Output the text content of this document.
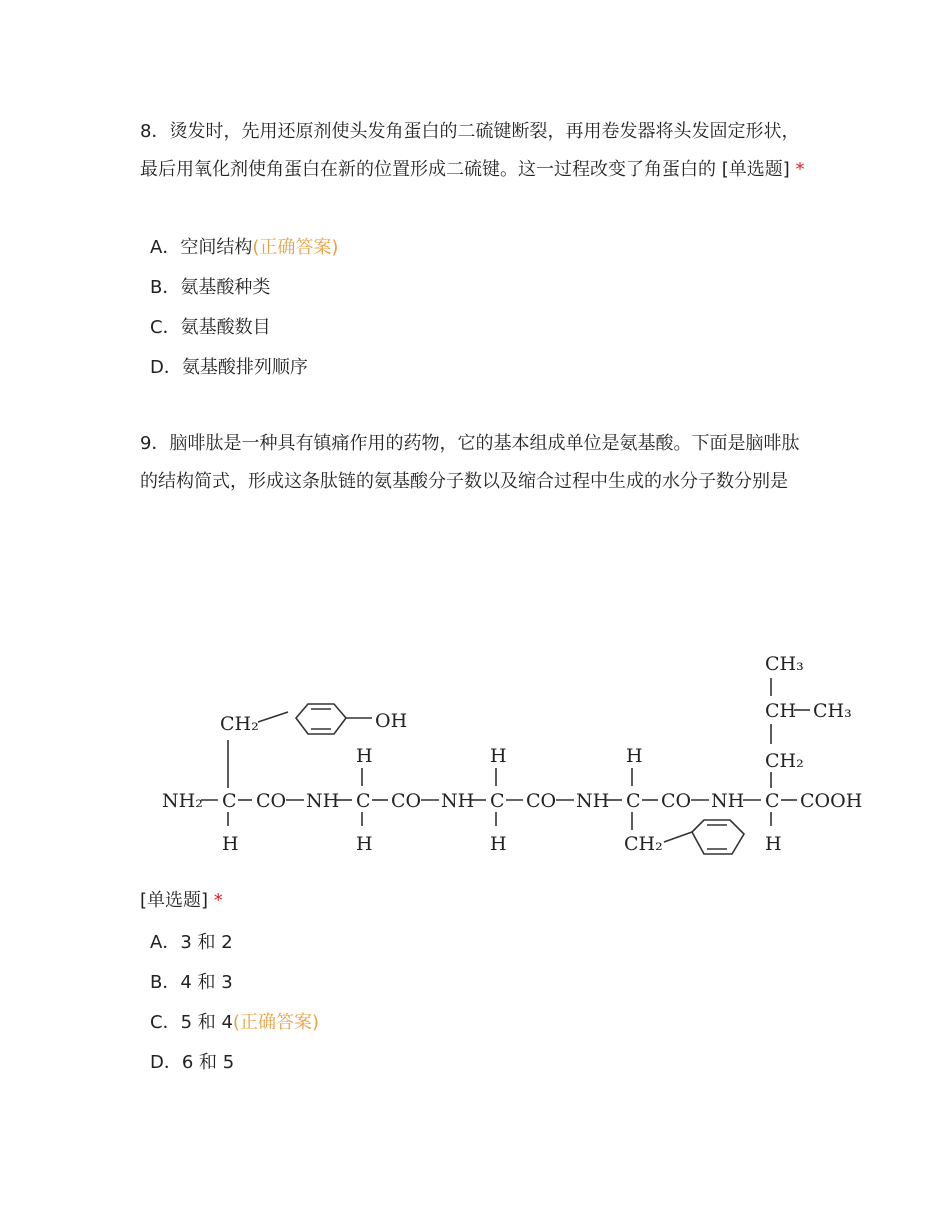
8．烫发时，先用还原剂使头发角蛋白的二硫键断裂，再用卷发器将头发固定形状，最后用氧化剂使角蛋白在新的位置形成二硫键。这一过程改变了角蛋白的 [单选题] *
A．空间结构(正确答案)
B．氨基酸种类
C．氨基酸数目
D．氨基酸排列顺序
9．脑啡肽是一种具有镇痛作用的药物，它的基本组成单位是氨基酸。下面是脑啡肽的结构简式，形成这条肽链的氨基酸分子数以及缩合过程中生成的水分子数分别是
NH₂ C CO NH C CO NH C CO NH C CO NH C COOH
CH₂	OH
H
H
H
H
H
H
CH₂
CH₃
CH CH₃
CH₂
H
[单选题] *
A．3 和 2
B．4 和 3
C．5 和 4(正确答案)
D．6 和 5
